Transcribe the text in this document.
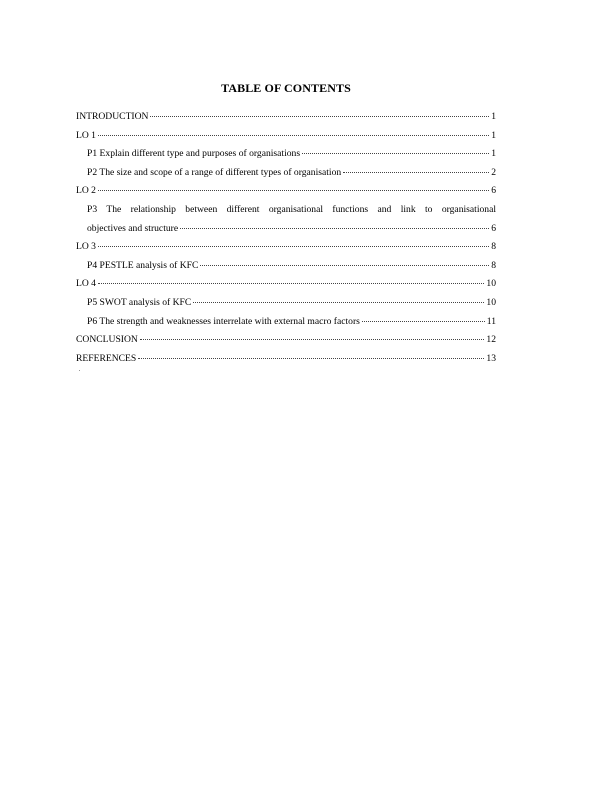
TABLE OF CONTENTS
INTRODUCTION	1
LO 1	1
P1 Explain different type and purposes of organisations	1
P2 The size and scope of a range of different types of organisation	2
LO 2	6
P3 The relationship between different organisational functions and link to organisational
objectives and structure	6
LO 3	8
P4 PESTLE analysis of KFC	8
LO 4	10
P5 SWOT analysis of KFC	10
P6 The strength and weaknesses interrelate with external macro factors	11
CONCLUSION	12
REFERENCES	13
